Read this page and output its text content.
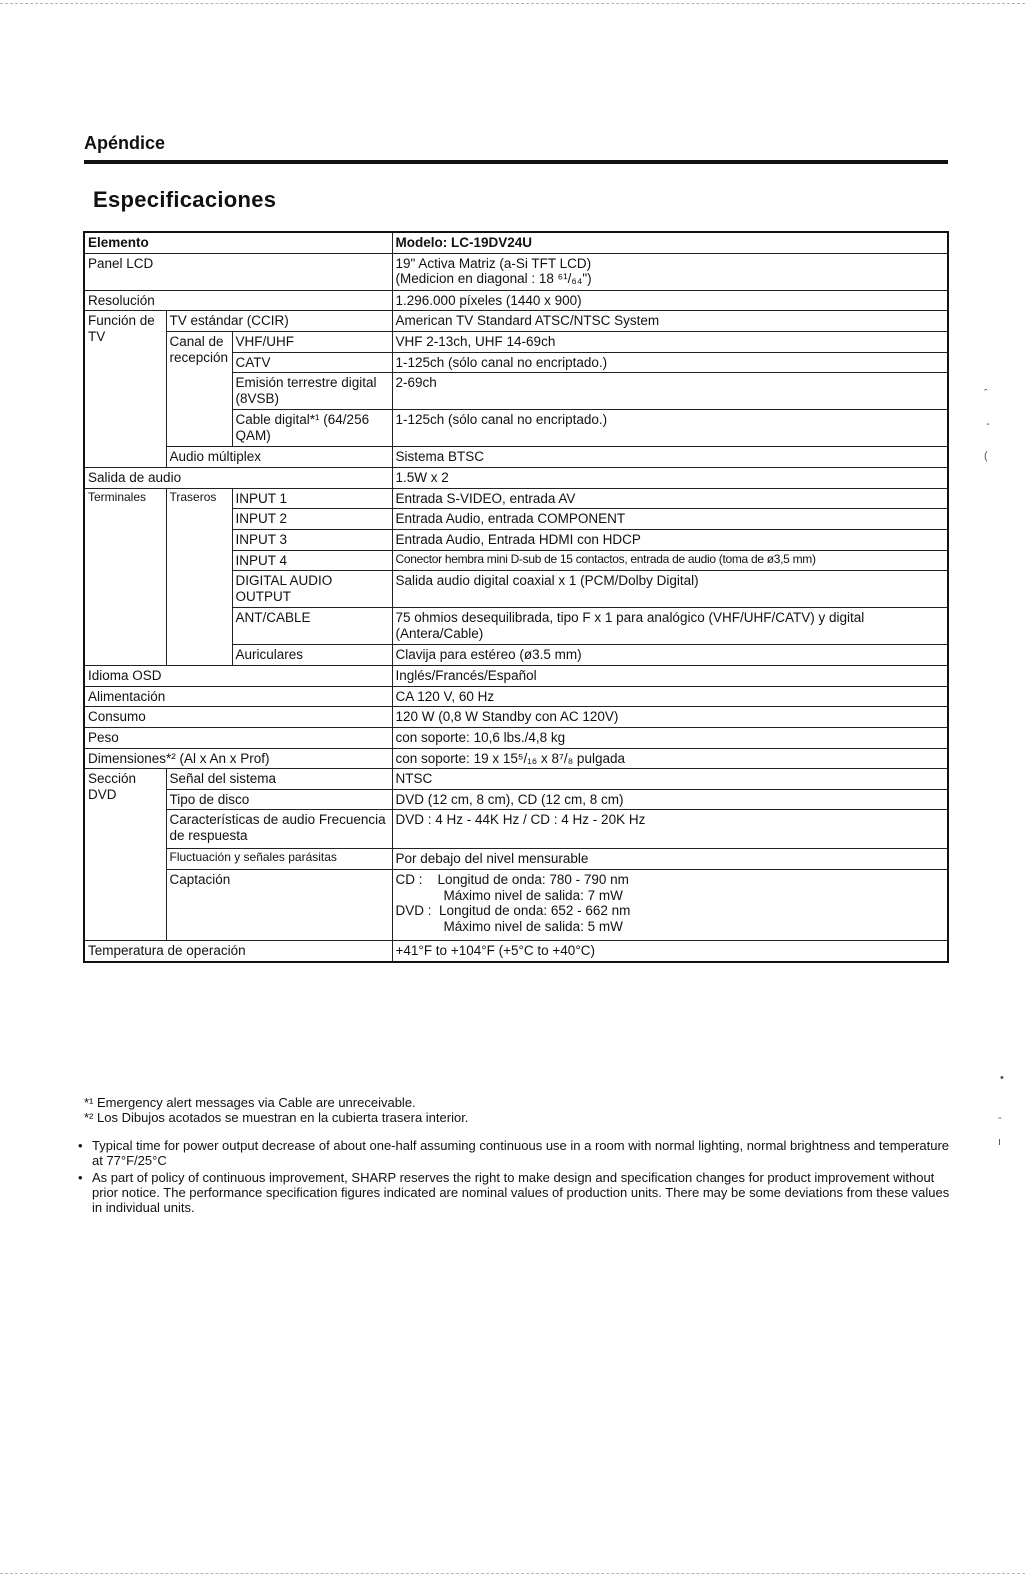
Apéndice
Especificaciones
Elemento			Modelo: LC-19DV24U
Panel LCD			19" Activa Matriz (a-Si TFT LCD)
(Medicion en diagonal : 18 ⁶¹/₆₄")
Resolución			1.296.000 píxeles (1440 x 900)
Función de TV	TV estándar (CCIR)		American TV Standard ATSC/NTSC System
	Canal de recepción	VHF/UHF	VHF 2-13ch, UHF 14-69ch
		CATV	1-125ch (sólo canal no encriptado.)
		Emisión terrestre digital (8VSB)	2-69ch
		Cable digital*¹ (64/256 QAM)	1-125ch (sólo canal no encriptado.)
	Audio múltiplex		Sistema BTSC
Salida de audio			1.5W x 2
Terminales	Traseros	INPUT 1	Entrada S-VIDEO, entrada AV
		INPUT 2	Entrada Audio, entrada COMPONENT
		INPUT 3	Entrada Audio, Entrada HDMI con HDCP
		INPUT 4	Conector hembra mini D-sub de 15 contactos, entrada de audio (toma de ø3,5 mm)
		DIGITAL AUDIO OUTPUT	Salida audio digital coaxial x 1 (PCM/Dolby Digital)
		ANT/CABLE	75 ohmios desequilibrada, tipo F x 1 para analógico (VHF/UHF/CATV) y digital (Antera/Cable)
		Auriculares	Clavija para estéreo (ø3.5 mm)
Idioma OSD			Inglés/Francés/Español
Alimentación			CA 120 V, 60 Hz
Consumo			120 W (0,8 W Standby con AC 120V)
Peso			con soporte: 10,6 lbs./4,8 kg
Dimensiones*² (Al x An x Prof)			con soporte: 19 x 15⁵/₁₆ x 8⁷/₈ pulgada
Sección DVD	Señal del sistema		NTSC
	Tipo de disco		DVD (12 cm, 8 cm), CD (12 cm, 8 cm)
	Características de audio Frecuencia de respuesta		DVD : 4 Hz - 44K Hz / CD : 4 Hz - 20K Hz
	Fluctuación y señales parásitas		Por debajo del nivel mensurable
	Captación		CD :    Longitud de onda: 780 - 790 nm
Máximo nivel de salida: 7 mW
DVD :  Longitud de onda: 652 - 662 nm
Máximo nivel de salida: 5 mW

Temperatura de operación			+41°F to +104°F (+5°C to +40°C)

*¹ Emergency alert messages via Cable are unreceivable.

*² Los Dibujos acotados se muestran en la cubierta trasera interior.

• Typical time for power output decrease of about one-half assuming continuous use in a room with normal lighting, normal brightness and temperature at 77°F/25°C
• As part of policy of continuous improvement, SHARP reserves the right to make design and specification changes for product improvement without prior notice. The performance specification figures indicated are nominal values of production units. There may be some deviations from these values in individual units.
ˆ
-
(
•
-
ı
